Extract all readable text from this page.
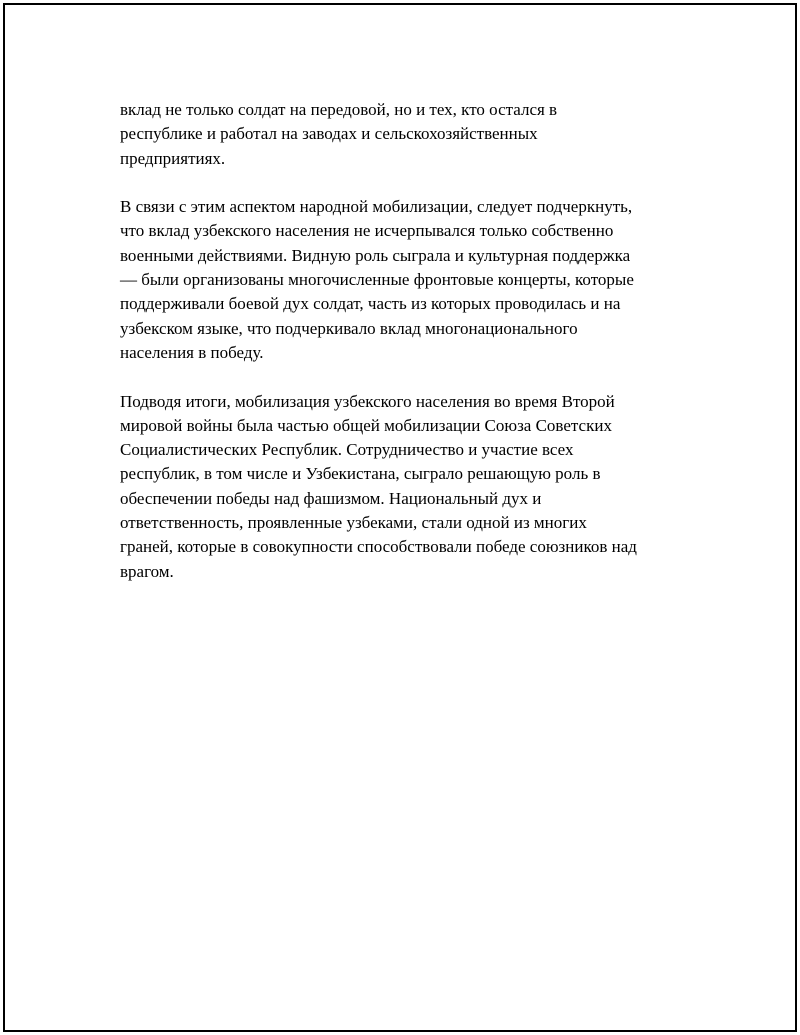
вклад не только солдат на передовой, но и тех, кто остался в
республике и работал на заводах и сельскохозяйственных
предприятиях.

В связи с этим аспектом народной мобилизации, следует подчеркнуть,
что вклад узбекского населения не исчерпывался только собственно
военными действиями. Видную роль сыграла и культурная поддержка
— были организованы многочисленные фронтовые концерты, которые
поддерживали боевой дух солдат, часть из которых проводилась и на
узбекском языке, что подчеркивало вклад многонационального
населения в победу.

Подводя итоги, мобилизация узбекского населения во время Второй
мировой войны была частью общей мобилизации Союза Советских
Социалистических Республик. Сотрудничество и участие всех
республик, в том числе и Узбекистана, сыграло решающую роль в
обеспечении победы над фашизмом. Национальный дух и
ответственность, проявленные узбеками, стали одной из многих
граней, которые в совокупности способствовали победе союзников над
врагом.
